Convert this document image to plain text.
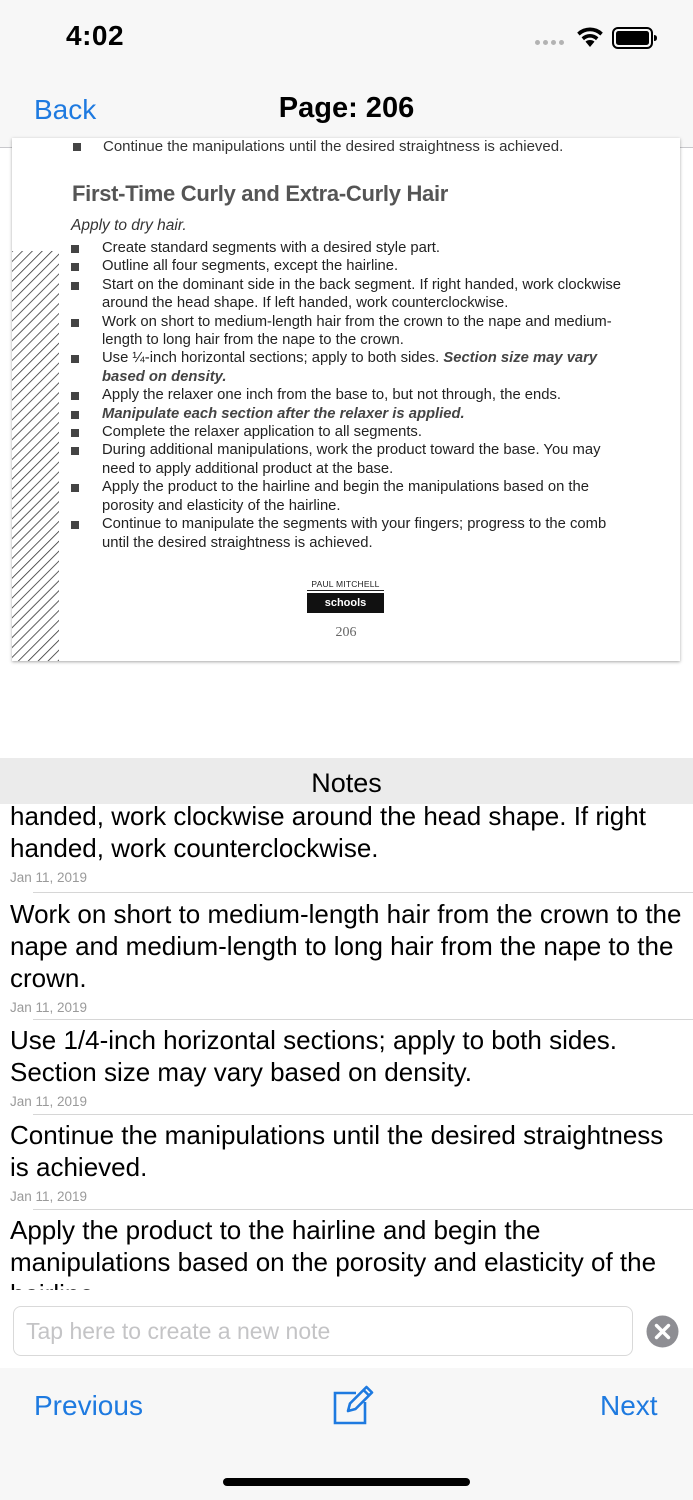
4:02
Back	Page: 206
Continue the manipulations until the desired straightness is achieved.
First-Time Curly and Extra-Curly Hair
Apply to dry hair.
Create standard segments with a desired style part.
Outline all four segments, except the hairline.
Start on the dominant side in the back segment. If right handed, work clockwise around the head shape. If left handed, work counterclockwise.
Work on short to medium-length hair from the crown to the nape and medium-length to long hair from the nape to the crown.
Use ¼-inch horizontal sections; apply to both sides. Section size may vary based on density.
Apply the relaxer one inch from the base to, but not through, the ends.
Manipulate each section after the relaxer is applied.
Complete the relaxer application to all segments.
During additional manipulations, work the product toward the base. You may need to apply additional product at the base.
Apply the product to the hairline and begin the manipulations based on the porosity and elasticity of the hairline.
Continue to manipulate the segments with your fingers; progress to the comb until the desired straightness is achieved.
PAUL MITCHELL
schools
206
Notes
handed, work clockwise around the head shape. If right handed, work counterclockwise.
Jan 11, 2019
Work on short to medium-length hair from the crown to the nape and medium-length to long hair from the nape to the crown.
Jan 11, 2019
Use 1/4-inch horizontal sections; apply to both sides. Section size may vary based on density.
Jan 11, 2019
Continue the manipulations until the desired straightness is achieved.
Jan 11, 2019
Apply the product to the hairline and begin the manipulations based on the porosity and elasticity of the
Tap here to create a new note
Previous	Next
